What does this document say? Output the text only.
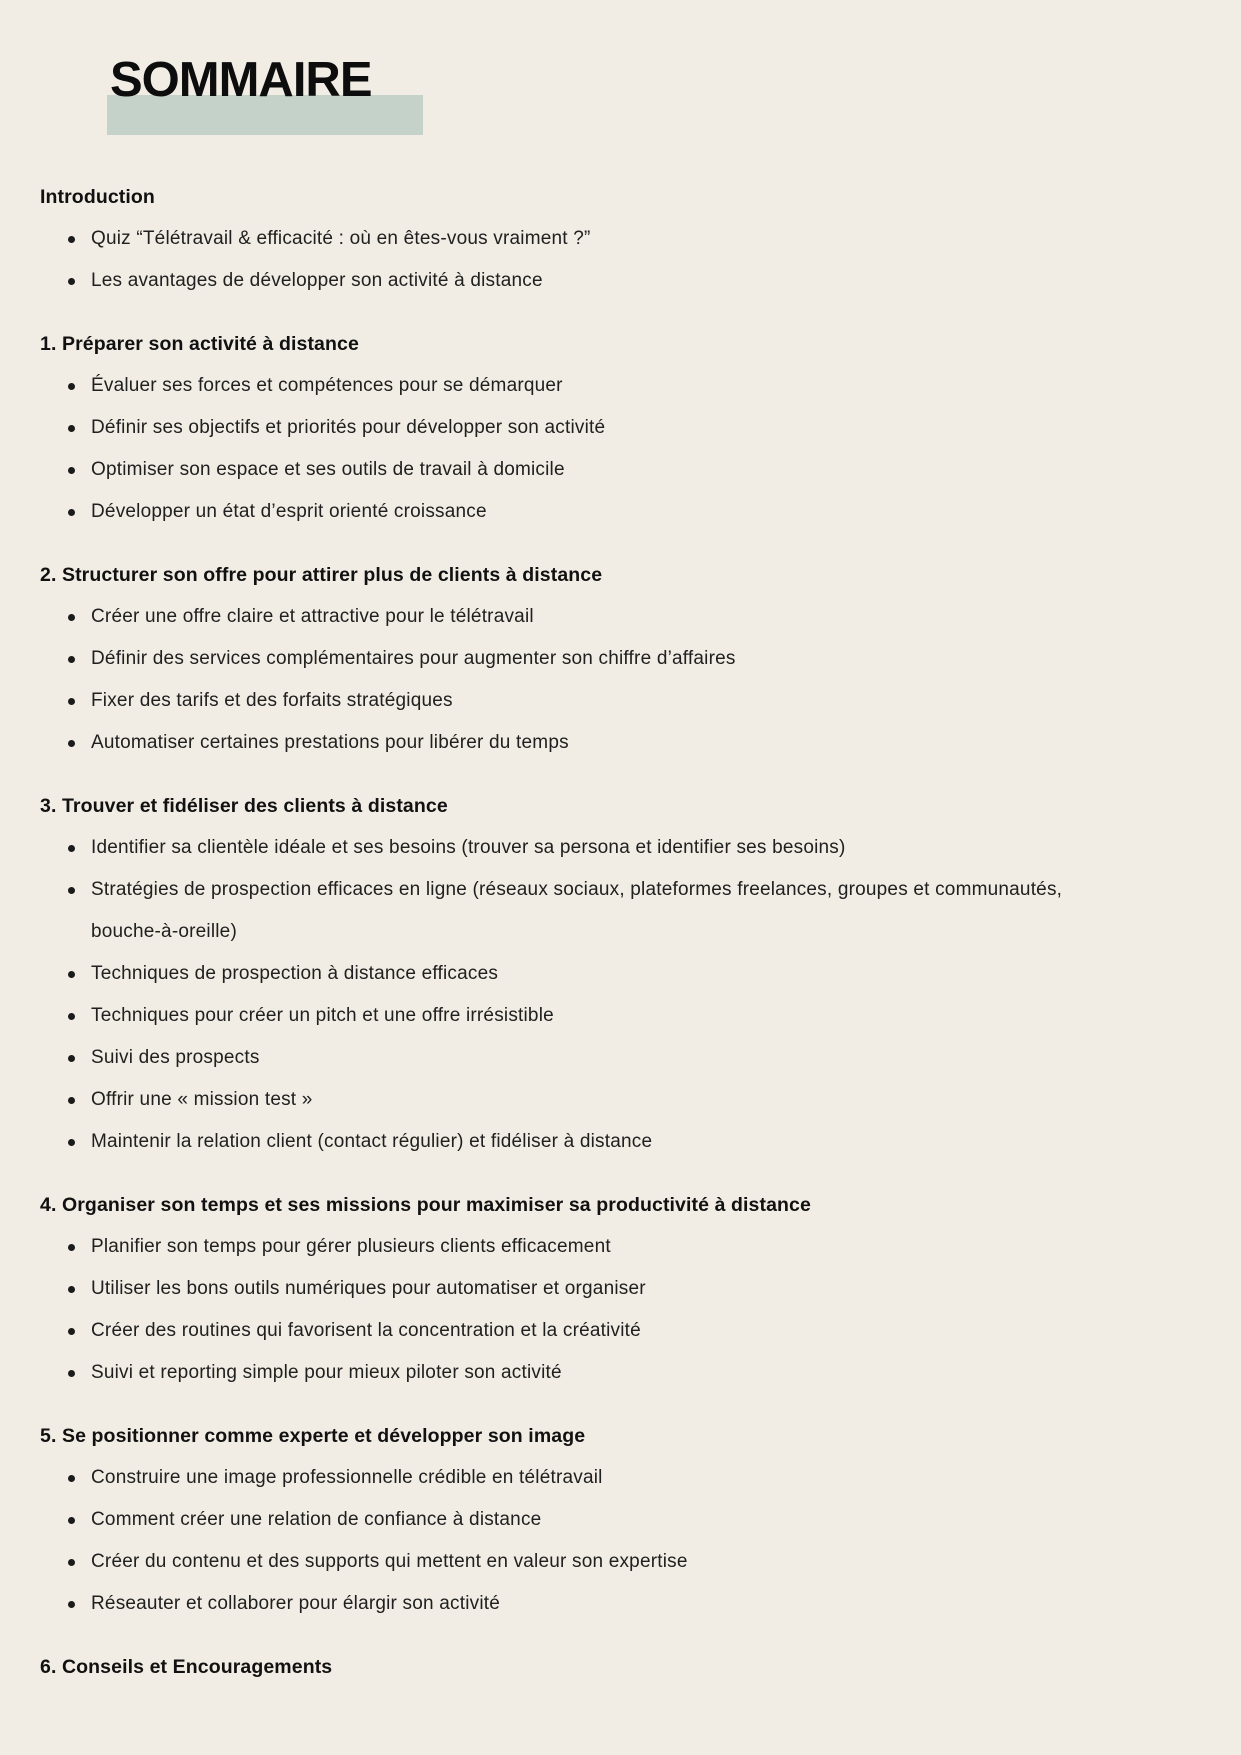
SOMMAIRE
Introduction
Quiz “Télétravail & efficacité : où en êtes-vous vraiment ?”
Les avantages de développer son activité à distance
1. Préparer son activité à distance
Évaluer ses forces et compétences pour se démarquer
Définir ses objectifs et priorités pour développer son activité
Optimiser son espace et ses outils de travail à domicile
Développer un état d’esprit orienté croissance
2. Structurer son offre pour attirer plus de clients à distance
Créer une offre claire et attractive pour le télétravail
Définir des services complémentaires pour augmenter son chiffre d’affaires
Fixer des tarifs et des forfaits stratégiques
Automatiser certaines prestations pour libérer du temps
3. Trouver et fidéliser des clients à distance
Identifier sa clientèle idéale et ses besoins (trouver sa persona et identifier ses besoins)
Stratégies de prospection efficaces en ligne (réseaux sociaux, plateformes freelances, groupes et communautés, bouche-à-oreille)
Techniques de prospection à distance efficaces
Techniques pour créer un pitch et une offre irrésistible
Suivi des prospects
Offrir une « mission test »
Maintenir la relation client (contact régulier) et fidéliser à distance
4. Organiser son temps et ses missions pour maximiser sa productivité à distance
Planifier son temps pour gérer plusieurs clients efficacement
Utiliser les bons outils numériques pour automatiser et organiser
Créer des routines qui favorisent la concentration et la créativité
Suivi et reporting simple pour mieux piloter son activité
5. Se positionner comme experte et développer son image
Construire une image professionnelle crédible en télétravail
Comment créer une relation de confiance à distance
Créer du contenu et des supports qui mettent en valeur son expertise
Réseauter et collaborer pour élargir son activité
6. Conseils et Encouragements
